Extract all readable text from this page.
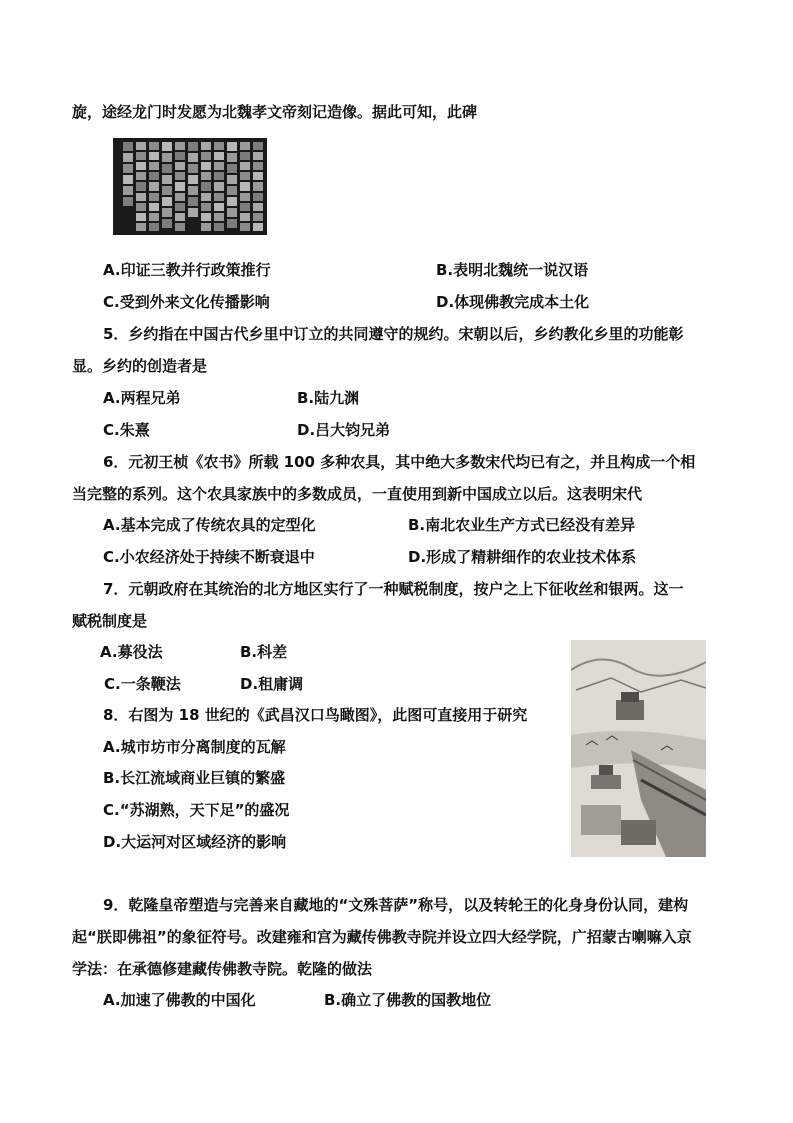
旋，途经龙门时发愿为北魏孝文帝刻记造像。据此可知，此碑
A.印证三教并行政策推行	B.表明北魏统一说汉语
C.受到外来文化传播影响	D.体现佛教完成本土化
5．乡约指在中国古代乡里中订立的共同遵守的规约。宋朝以后，乡约教化乡里的功能彰
显。乡约的创造者是
A.两程兄弟	B.陆九渊
C.朱熹	D.吕大钧兄弟
6．元初王桢《农书》所载 100 多种农具，其中绝大多数宋代均已有之，并且构成一个相
当完整的系列。这个农具家族中的多数成员，一直使用到新中国成立以后。这表明宋代
A.基本完成了传统农具的定型化	B.南北农业生产方式已经没有差异
C.小农经济处于持续不断衰退中	D.形成了精耕细作的农业技术体系
7．元朝政府在其统治的北方地区实行了一种赋税制度，按户之上下征收丝和银两。这一
赋税制度是
A.募役法	B.科差
C.一条鞭法	D.租庸调
8．右图为 18 世纪的《武昌汉口鸟瞰图》，此图可直接用于研究
A.城市坊市分离制度的瓦解
B.长江流域商业巨镇的繁盛
C.“苏湖熟，天下足”的盛况
D.大运河对区域经济的影响
9．乾隆皇帝塑造与完善来自藏地的“文殊菩萨”称号，以及转轮王的化身身份认同，建构
起“朕即佛祖”的象征符号。改建雍和宫为藏传佛教寺院并设立四大经学院，广招蒙古喇嘛入京
学法：在承德修建藏传佛教寺院。乾隆的做法
A.加速了佛教的中国化	B.确立了佛教的国教地位
